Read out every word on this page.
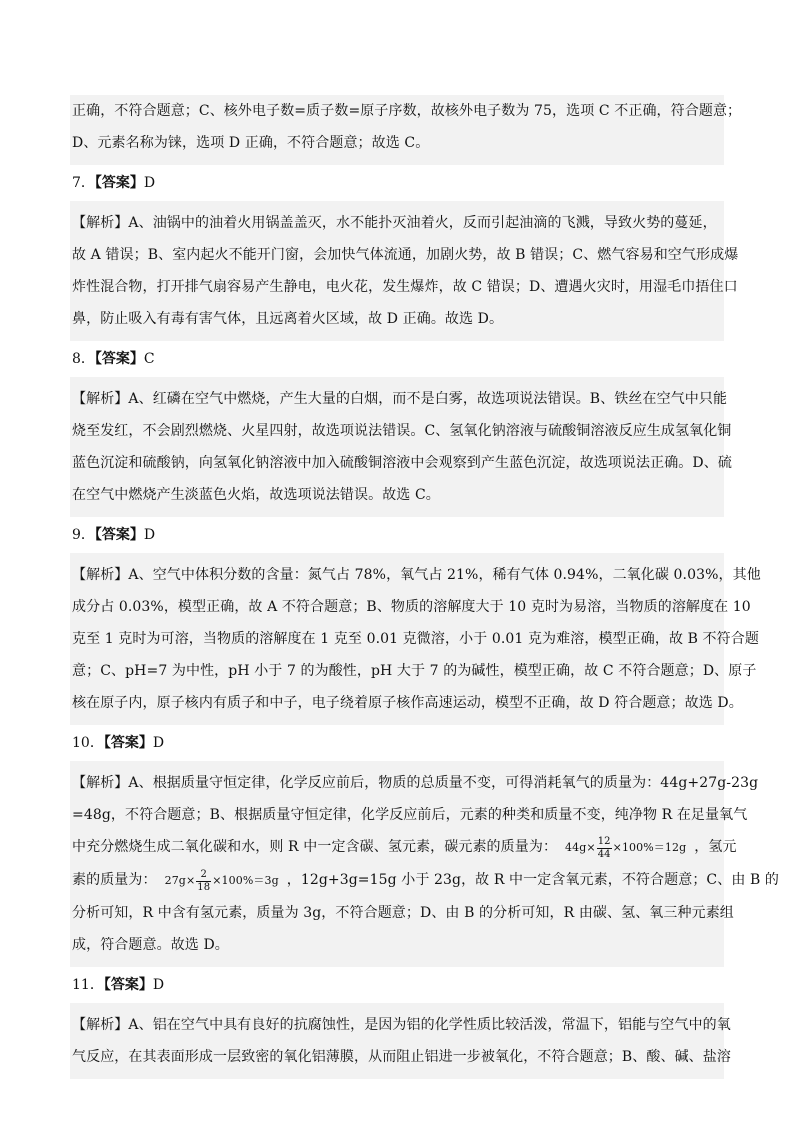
正确，不符合题意；C、核外电子数=质子数=原子序数，故核外电子数为 75，选项 C 不正确，符合题意；
D、元素名称为铼，选项 D 正确，不符合题意；故选 C。
7．【答案】D
【解析】A、油锅中的油着火用锅盖盖灭，水不能扑灭油着火，反而引起油滴的飞溅，导致火势的蔓延，
故 A 错误；B、室内起火不能开门窗，会加快气体流通，加剧火势，故 B 错误；C、燃气容易和空气形成爆
炸性混合物，打开排气扇容易产生静电，电火花，发生爆炸，故 C 错误；D、遭遇火灾时，用湿毛巾捂住口
鼻，防止吸入有毒有害气体，且远离着火区域，故 D 正确。故选 D。
8．【答案】C
【解析】A、红磷在空气中燃烧，产生大量的白烟，而不是白雾，故选项说法错误。B、铁丝在空气中只能
烧至发红，不会剧烈燃烧、火星四射，故选项说法错误。C、氢氧化钠溶液与硫酸铜溶液反应生成氢氧化铜
蓝色沉淀和硫酸钠，向氢氧化钠溶液中加入硫酸铜溶液中会观察到产生蓝色沉淀，故选项说法正确。D、硫
在空气中燃烧产生淡蓝色火焰，故选项说法错误。故选 C。
9．【答案】D
【解析】A、空气中体积分数的含量：氮气占 78%，氧气占 21%，稀有气体 0.94%，二氧化碳 0.03%，其他
成分占 0.03%，模型正确，故 A 不符合题意；B、物质的溶解度大于 10 克时为易溶，当物质的溶解度在 10
克至 1 克时为可溶，当物质的溶解度在 1 克至 0.01 克微溶，小于 0.01 克为难溶，模型正确，故 B 不符合题
意；C、pH=7 为中性，pH 小于 7 的为酸性，pH 大于 7 的为碱性，模型正确，故 C 不符合题意；D、原子
核在原子内，原子核内有质子和中子，电子绕着原子核作高速运动，模型不正确，故 D 符合题意；故选 D。
10．【答案】D
【解析】A、根据质量守恒定律，化学反应前后，物质的总质量不变，可得消耗氧气的质量为：44g+27g-23g
=48g，不符合题意；B、根据质量守恒定律，化学反应前后，元素的种类和质量不变，纯净物 R 在足量氧气
中充分燃烧生成二氧化碳和水，则 R 中一定含碳、氢元素，碳元素的质量为： $44g\times \frac{12}{44} \times 100\%=12g$ ，氢元
素的质量为： $27g\times \frac{2}{18} \times 100\%=3g$ ，12g+3g=15g 小于 23g，故 R 中一定含氧元素，不符合题意；C、由 B 的
分析可知，R 中含有氢元素，质量为 3g，不符合题意；D、由 B 的分析可知，R 由碳、氢、氧三种元素组
成，符合题意。故选 D。
11．【答案】D
【解析】A、铝在空气中具有良好的抗腐蚀性，是因为铝的化学性质比较活泼，常温下，铝能与空气中的氧
气反应，在其表面形成一层致密的氧化铝薄膜，从而阻止铝进一步被氧化，不符合题意；B、酸、碱、盐溶
